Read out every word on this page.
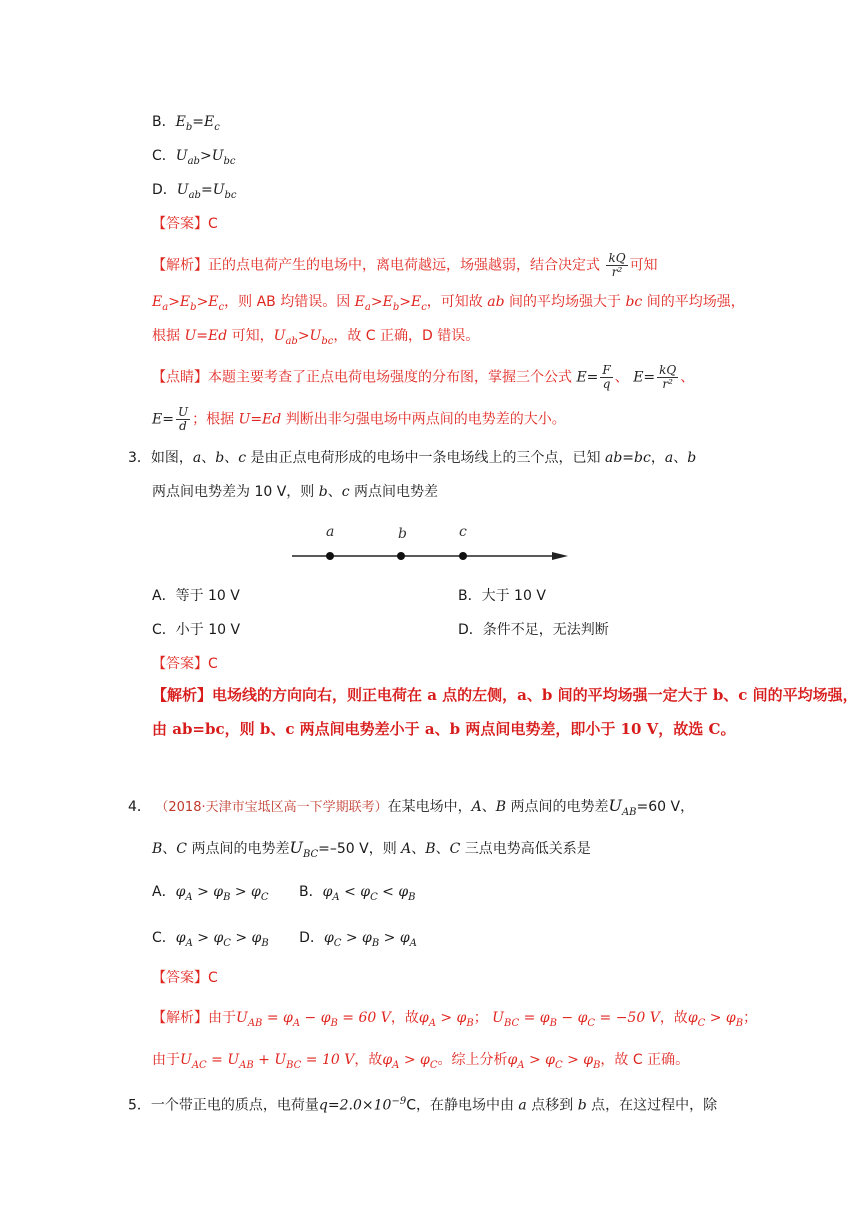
B．$E_b=E_c$
C．$U_{ab}>U_{bc}$
D．$U_{ab}=U_{bc}$
【答案】C
【解析】正的点电荷产生的电场中，离电荷越远，场强越弱，结合决定式 $\frac{kQ}{\text{r²}}$ 可知
$E_a>E_b>E_c$，则 AB 均错误。因 $E_a>E_b>E_c$，可知故 ab 间的平均场强大于 bc 间的平均场强，
根据 U=Ed 可知，$U_{ab}>U_{bc}$，故 C 正确，D 错误。
【点睛】本题主要考查了正点电荷电场强度的分布图，掌握三个公式 $E= \frac{F}{q}$ 、 $E= \frac{kQ}{\text{r²}}$ 、
$E= \frac{U}{d}$ ；根据 U=Ed 判断出非匀强电场中两点间的电势差的大小。
3．如图，a、b、c 是由正点电荷形成的电场中一条电场线上的三个点，已知 ab=bc，a、b
两点间电势差为 10 V，则 b、c 两点间电势差
a	b	c
A．等于 10 V	B．大于 10 V
C．小于 10 V	D．条件不足，无法判断
【答案】C
【解析】电场线的方向向右，则正电荷在 a 点的左侧，a、b 间的平均场强一定大于 b、c 间的平均场强，
由 ab=bc，则 b、c 两点间电势差小于 a、b 两点间电势差，即小于 10 V，故选 C。
4． （2018·天津市宝坻区高一下学期联考）在某电场中，A、B 两点间的电势差$U_{AB}=60$ V，
B、C 两点间的电势差$U_{BC}=-50$ V，则 A、B、C 三点电势高低关系是
A．$\varphi_A > \varphi_B > \varphi_C$ B．$\varphi_A < \varphi_C < \varphi_B$
C．$\varphi_A > \varphi_C > \varphi_B$ D．$\varphi_C > \varphi_B > \varphi_A$
【答案】C
【解析】由于$U_{AB} = \varphi_A - \varphi_B = 60$ V，故$\varphi_A > \varphi_B$； $U_{BC} = \varphi_B - \varphi_C = -50$ V，故$\varphi_C > \varphi_B$；
由于$U_{AC} = U_{AB} + U_{BC} = 10$ V，故$\varphi_A > \varphi_C$。综上分析$\varphi_A > \varphi_C > \varphi_B$，故 C 正确。
5．一个带正电的质点，电荷量$q=2.0\times 10^{-9}C$，在静电场中由 a 点移到 b 点，在这过程中，除
